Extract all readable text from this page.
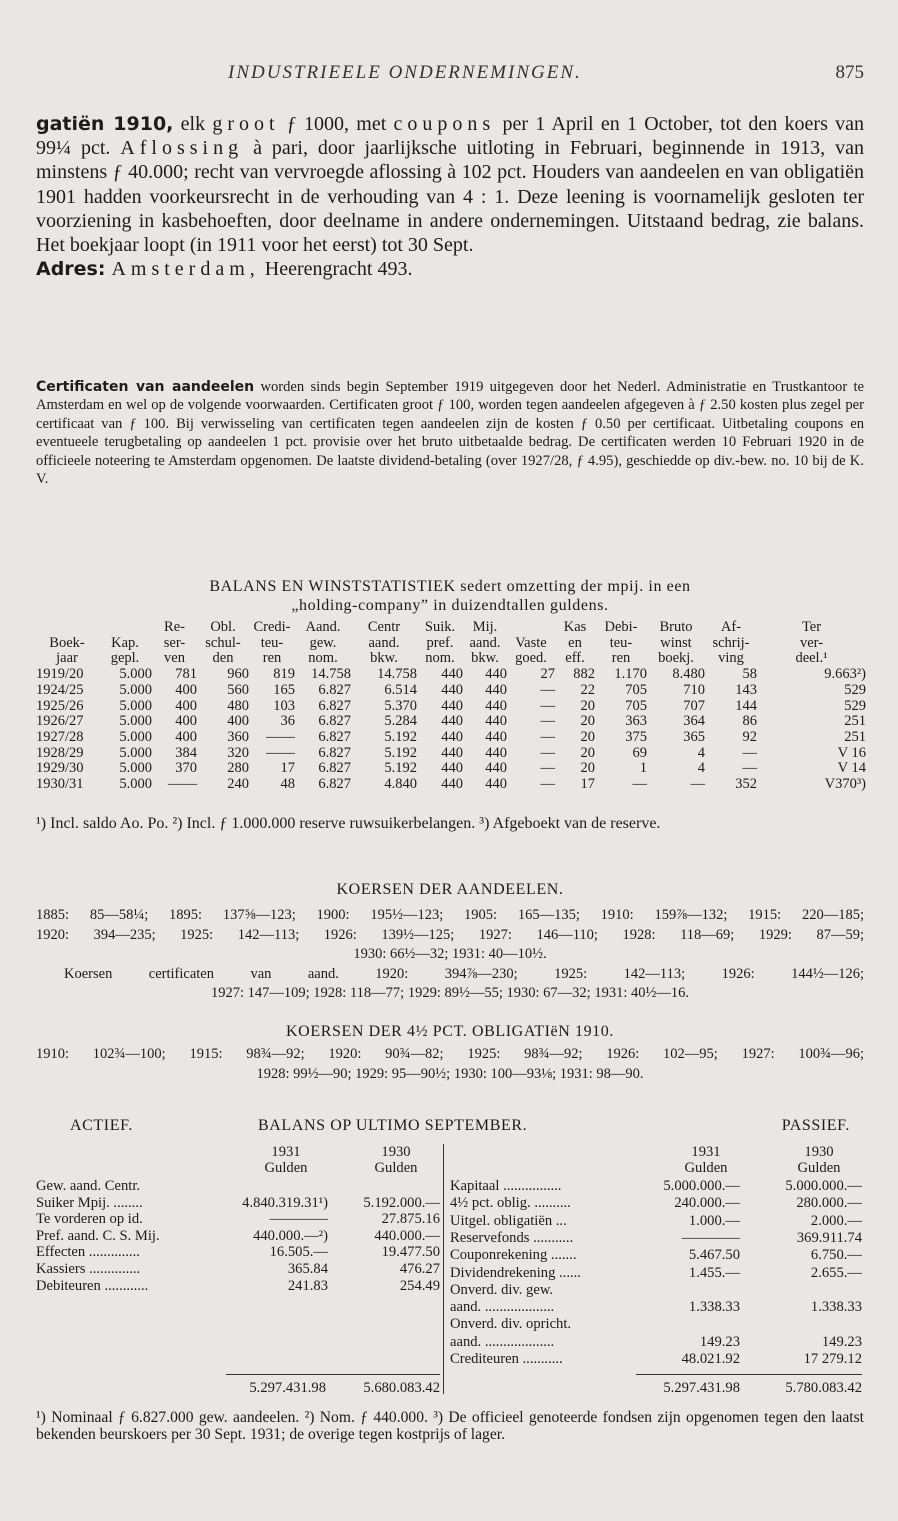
INDUSTRIEELE ONDERNEMINGEN.	875
gatiën 1910, elk groot ƒ 1000, met coupons per 1 April en 1 October, tot den koers van 99¼ pct. Aflossing à pari, door jaarlijksche uitloting in Februari, beginnende in 1913, van minstens ƒ 40.000; recht van vervroegde aflossing à 102 pct. Houders van aandeelen en van obligatiën 1901 hadden voorkeursrecht in de verhouding van 4 : 1. Deze leening is voornamelijk gesloten ter voorziening in kasbehoeften, door deelname in andere ondernemingen. Uitstaand bedrag, zie balans. Het boekjaar loopt (in 1911 voor het eerst) tot 30 Sept.
Adres: Amsterdam, Heerengracht 493.
Certificaten van aandeelen worden sinds begin September 1919 uitgegeven door het Nederl. Administratie en Trustkantoor te Amsterdam en wel op de volgende voorwaarden. Certificaten groot ƒ 100, worden tegen aandeelen afgegeven à ƒ 2.50 kosten plus zegel per certificaat van ƒ 100. Bij verwisseling van certificaten tegen aandeelen zijn de kosten ƒ 0.50 per certificaat. Uitbetaling coupons en eventueele terugbetaling op aandeelen 1 pct. provisie over het bruto uitbetaalde bedrag. De certificaten werden 10 Februari 1920 in de officieele noteering te Amsterdam opgenomen. De laatste dividend-betaling (over 1927/28, ƒ 4.95), geschiedde op div.-bew. no. 10 bij de K. V.
BALANS EN WINSTSTATISTIEK sedert omzetting der mpij. in een
„holding-company” in duizendtallen guldens.
		Re-	Obl.	Credi-	Aand.	Centr	Suik.	Mij.		Kas	Debi-	Bruto	Af-	Ter
Boek-	Kap.	ser-	schul-	teu-	gew.	aand.	pref.	aand.	Vaste	en	teu-	winst	schrij-	ver-
jaar	gepl.	ven	den	ren	nom.	bkw.	nom.	bkw.	goed.	eff.	ren	boekj.	ving	deel.¹
1919/20	5.000	781	960	819	14.758	14.758	440	440	27	882	1.170	8.480	58	9.663²)
1924/25	5.000	400	560	165	6.827	6.514	440	440	—	22	705	710	143	529
1925/26	5.000	400	480	103	6.827	5.370	440	440	—	20	705	707	144	529
1926/27	5.000	400	400	36	6.827	5.284	440	440	—	20	363	364	86	251
1927/28	5.000	400	360	——	6.827	5.192	440	440	—	20	375	365	92	251
1928/29	5.000	384	320	——	6.827	5.192	440	440	—	20	69	4	—	V 16
1929/30	5.000	370	280	17	6.827	5.192	440	440	—	20	1	4	—	V 14
1930/31	5.000	——	240	48	6.827	4.840	440	440	—	17	—	—	352	V370³)
¹) Incl. saldo Ao. Po. ²) Incl. ƒ 1.000.000 reserve ruwsuikerbelangen. ³) Afgeboekt van de reserve.
KOERSEN DER AANDEELEN.

1885: 85—58¼; 1895: 137⅝—123; 1900: 195½—123; 1905: 165—135; 1910: 159⅞—132; 1915: 220—185;

1920: 394—235; 1925: 142—113; 1926: 139½—125; 1927: 146—110; 1928: 118—69; 1929: 87—59;

1930: 66½—32; 1931: 40—10½.

Koersen certificaten van aand. 1920: 394⅞—230; 1925: 142—113; 1926: 144½—126;

1927: 147—109; 1928: 118—77; 1929: 89½—55; 1930: 67—32; 1931: 40½—16.

KOERSEN DER 4½ PCT. OBLIGATIëN 1910.

1910: 102¾—100; 1915: 98¾—92; 1920: 90¾—82; 1925: 98¾—92; 1926: 102—95; 1927: 100¾—96;

1928: 99½—90; 1929: 95—90½; 1930: 100—93⅛; 1931: 98—90.

ACTIEF.	BALANS OP ULTIMO SEPTEMBER.	PASSIEF.
1931	1930	1931	1930
Gulden	Gulden	Gulden	Gulden
Gew. aand. Centr.
Suiker Mpij. ........	4.840.319.31¹)	5.192.000.—
Te vorderen op id.	————	27.875.16
Pref. aand. C. S. Mij.	440.000.—²)	440.000.—
Effecten ..............	16.505.—	19.477.50
Kassiers ..............	365.84	476.27
Debiteuren ............	241.83	254.49
Kapitaal ................	5.000.000.—	5.000.000.—
4½ pct. oblig. ..........	240.000.—	280.000.—
Uitgel. obligatiën ...	1.000.—	2.000.—
Reservefonds ...........	————	369.911.74
Couponrekening .......	5.467.50	6.750.—
Dividendrekening ......	1.455.—	2.655.—
Onverd. div. gew.
aand. ...................	1.338.33	1.338.33
Onverd. div. opricht.
aand. ...................	149.23	149.23
Crediteuren ...........	48.021.92	17 279.12
5.297.431.98	5.680.083.42	5.297.431.98	5.780.083.42
¹) Nominaal ƒ 6.827.000 gew. aandeelen. ²) Nom. ƒ 440.000. ³) De officieel genoteerde fondsen zijn opgenomen tegen den laatst bekenden beurskoers per 30 Sept. 1931; de overige tegen kostprijs of lager.
